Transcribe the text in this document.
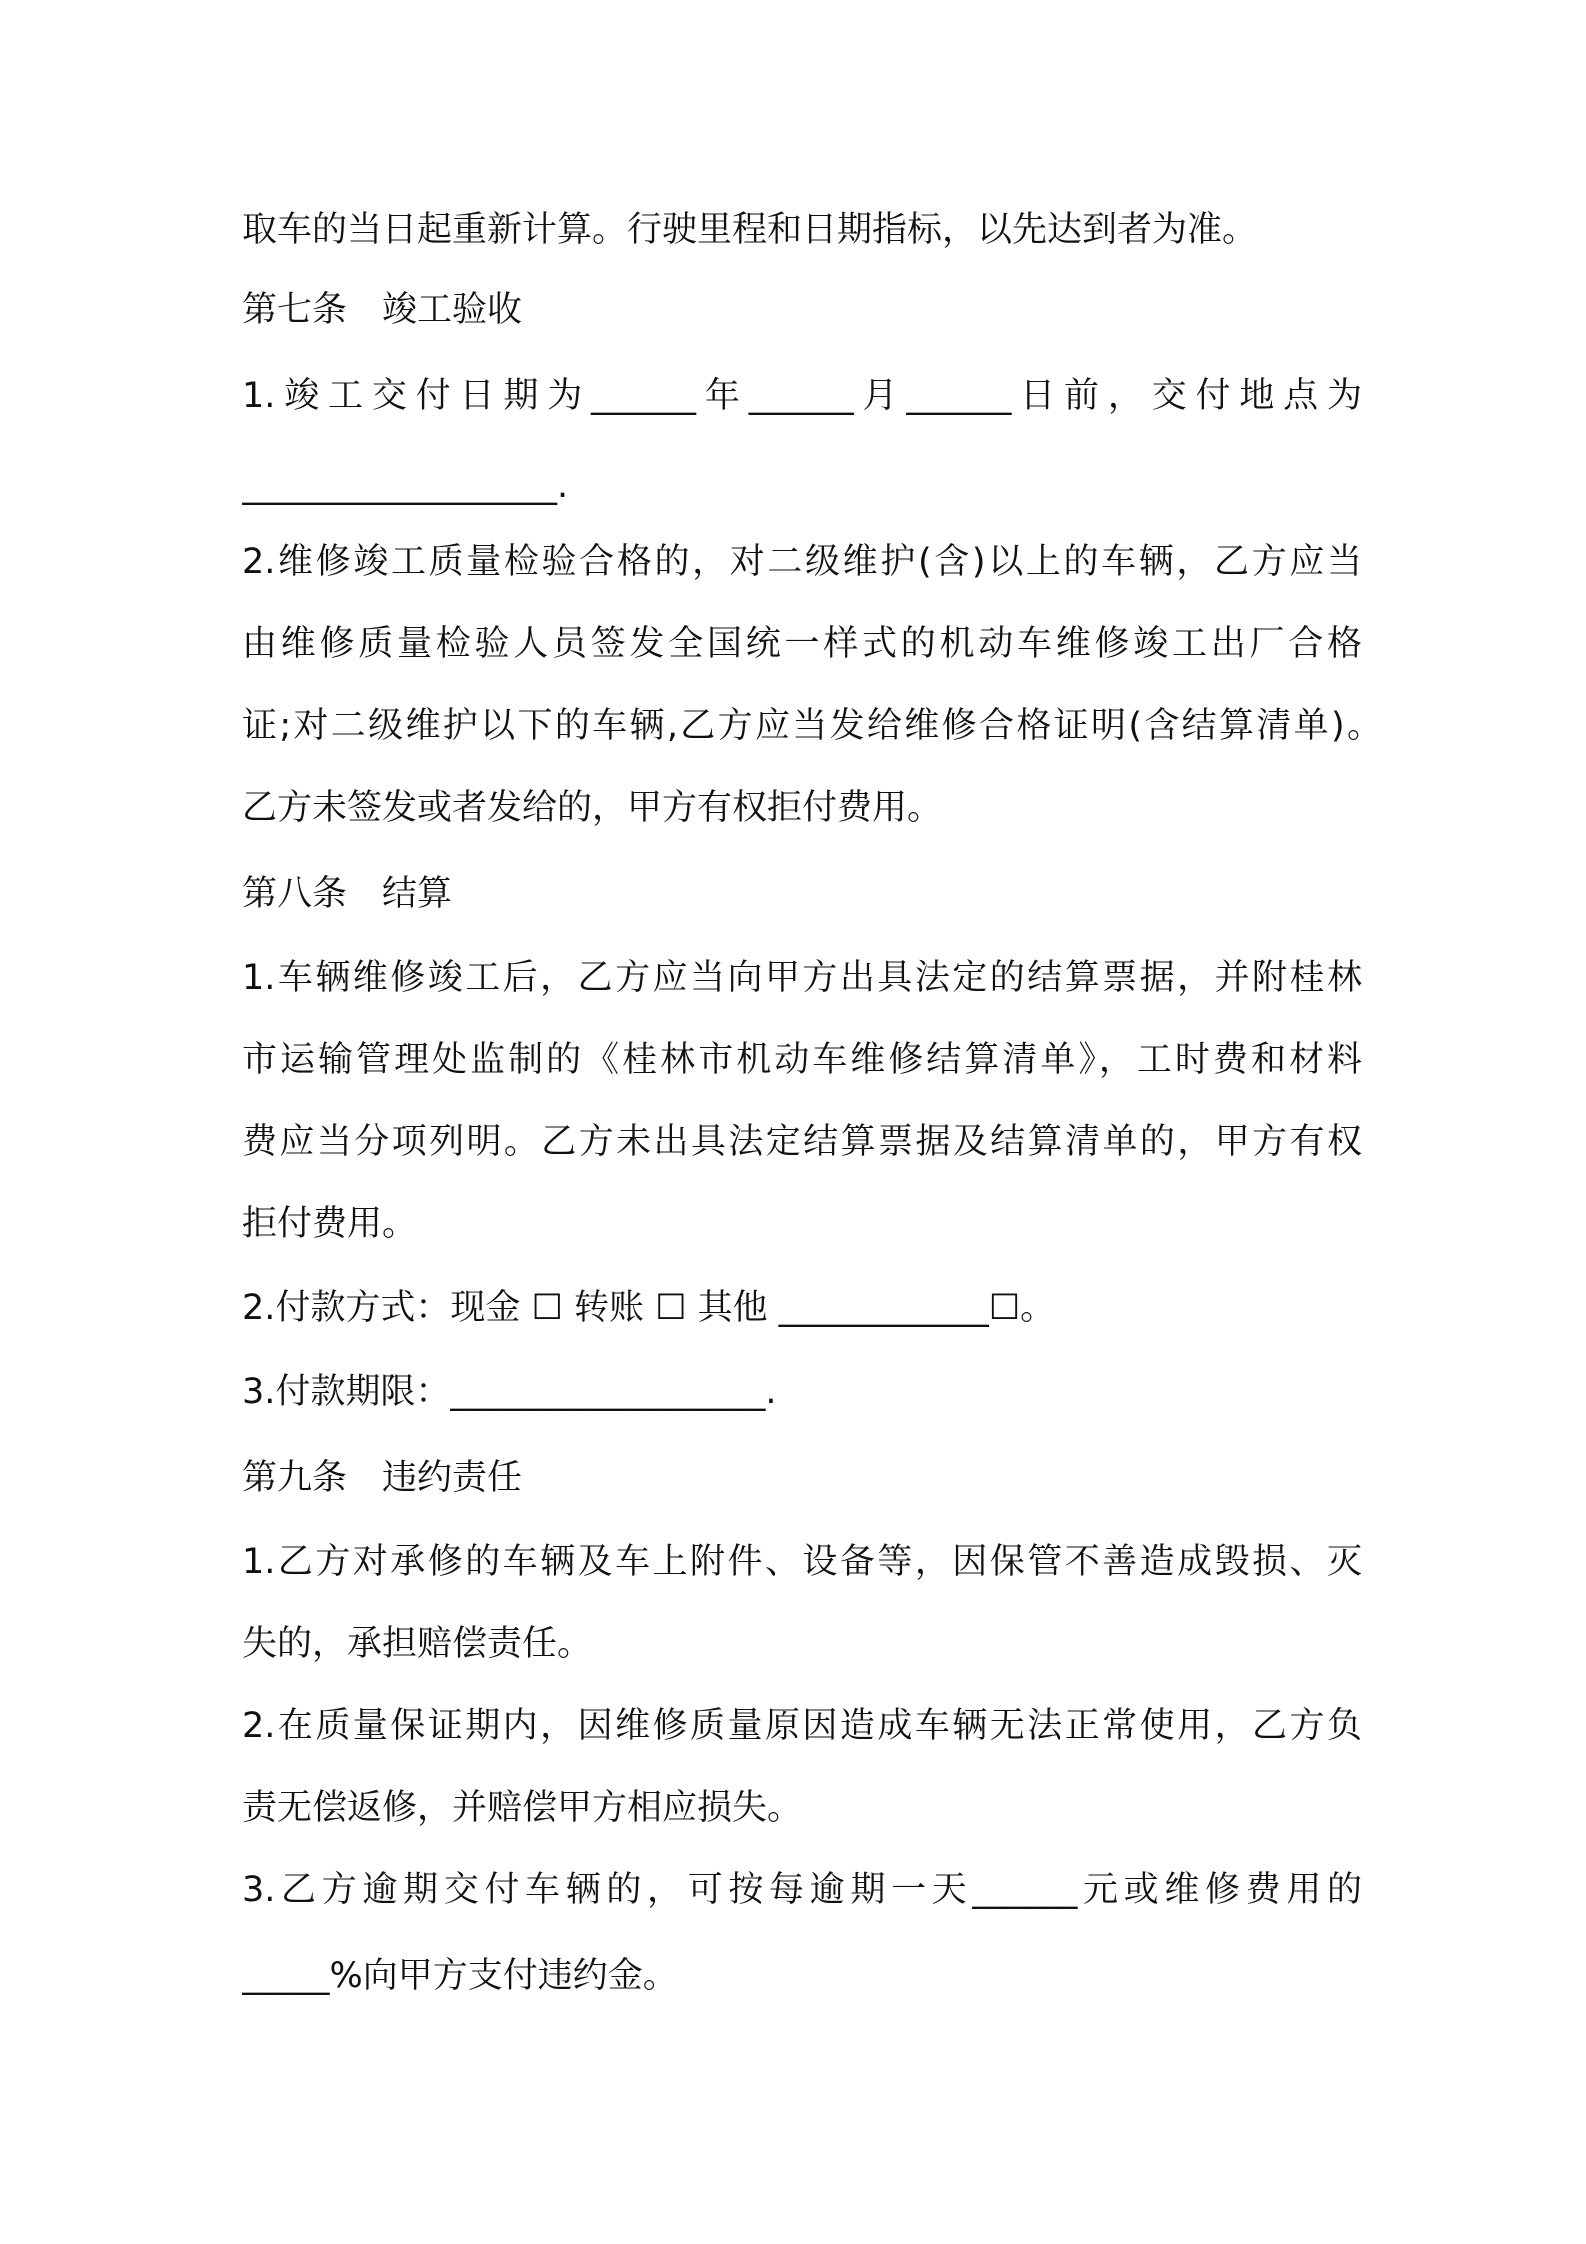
取车的当日起重新计算。行驶里程和日期指标，以先达到者为准。
第七条　竣工验收
1.竣工交付日期为______年______月______日前，交付地点为
__________________.
2.维修竣工质量检验合格的，对二级维护(含)以上的车辆，乙方应当
由维修质量检验人员签发全国统一样式的机动车维修竣工出厂合格
证;对二级维护以下的车辆,乙方应当发给维修合格证明(含结算清单)。
乙方未签发或者发给的，甲方有权拒付费用。
第八条　结算
1.车辆维修竣工后，乙方应当向甲方出具法定的结算票据，并附桂林
市运输管理处监制的《桂林市机动车维修结算清单》，工时费和材料
费应当分项列明。乙方未出具法定结算票据及结算清单的，甲方有权
拒付费用。
2.付款方式：现金 ☐ 转账 ☐ 其他 ____________☐。
3.付款期限：__________________.
第九条　违约责任
1.乙方对承修的车辆及车上附件、设备等，因保管不善造成毁损、灭
失的，承担赔偿责任。
2.在质量保证期内，因维修质量原因造成车辆无法正常使用，乙方负
责无偿返修，并赔偿甲方相应损失。
3.乙方逾期交付车辆的，可按每逾期一天______元或维修费用的
_____%向甲方支付违约金。
